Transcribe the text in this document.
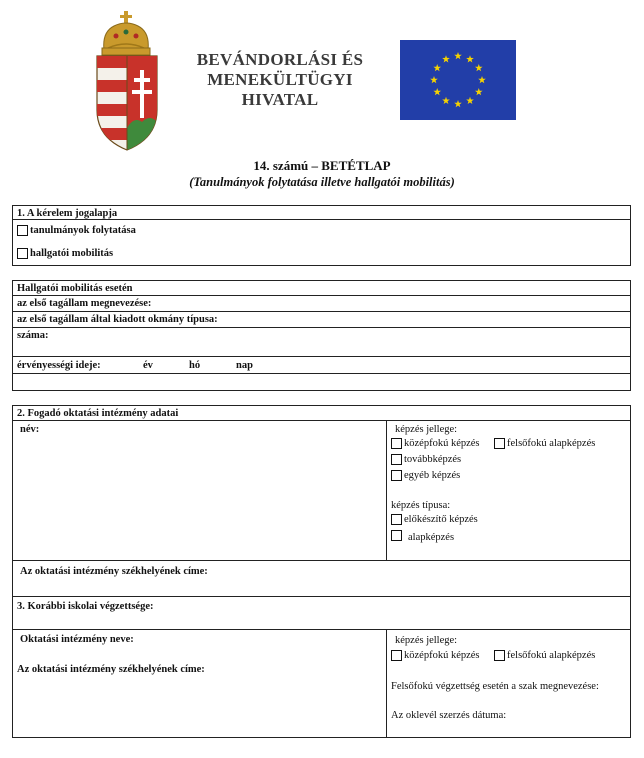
BEVÁNDORLÁSI ÉS
MENEKÜLTÜGYI
HIVATAL
14. számú – BETÉTLAP
(Tanulmányok folytatása illetve hallgatói mobilitás)
1. A kérelem jogalapja
tanulmányok folytatása
hallgatói mobilitás
Hallgatói mobilitás esetén
az első tagállam megnevezése:
az első tagállam által kiadott okmány típusa:
száma:
érvényességi ideje:	év	hó	nap
2. Fogadó oktatási intézmény adatai
név:	képzés jellege:
középfokú képzés	felsőfokú alapképzés
továbbképzés
egyéb képzés
képzés típusa:
előkészítő képzés
alapképzés
Az oktatási intézmény székhelyének címe:
3. Korábbi iskolai végzettsége:
Oktatási intézmény neve:
Az oktatási intézmény székhelyének címe:
képzés jellege:
középfokú képzés	felsőfokú alapképzés
Felsőfokú végzettség esetén a szak megnevezése:
Az oklevél szerzés dátuma:
